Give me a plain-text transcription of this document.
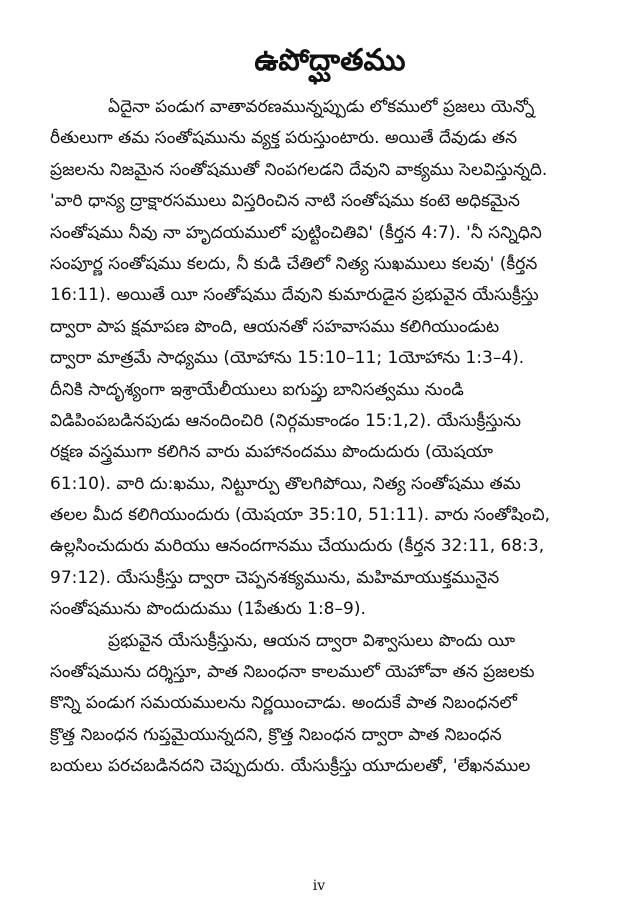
ఉపోద్ఘాతము
ఏదైనా పండుగ వాతావరణమున్నప్పుడు లోకములో ప్రజలు యెన్నో
రీతులుగా తమ సంతోషమును వ్యక్త పరుస్తుంటారు. అయితే దేవుడు తన
ప్రజలను నిజమైన సంతోషముతో నింపగలడని దేవుని వాక్యము సెలవిస్తున్నది.
'వారి ధాన్య ద్రాక్షారసములు విస్తరించిన నాటి సంతోషము కంటె అధికమైన
సంతోషము నీవు నా హృదయములో పుట్టించితివి' (కీర్తన 4:7). 'నీ సన్నిధిని
సంపూర్ణ సంతోషము కలదు, నీ కుడి చేతిలో నిత్య సుఖములు కలవు' (కీర్తన
16:11). అయితే యీ సంతోషము దేవుని కుమారుడైన ప్రభువైన యేసుక్రీస్తు
ద్వారా పాప క్షమాపణ పొంది, ఆయనతో సహవాసము కలిగియుండుట
ద్వారా మాత్రమే సాధ్యము (యోహాను 15:10–11; 1యోహాను 1:3–4).
దీనికి సాదృశ్యంగా ఇశ్రాయేలీయులు ఐగుప్తు బానిసత్వము నుండి
విడిపింపబడినపుడు ఆనందించిరి (నిర్గమకాండం 15:1,2). యేసుక్రీస్తును
రక్షణ వస్త్రముగా కలిగిన వారు మహానందము పొందుదురు (యెషయా
61:10). వారి దు:ఖము, నిట్టూర్పు తొలగిపోయి, నిత్య సంతోషము తమ
తలల మీద కలిగియుందురు (యెషయా 35:10, 51:11). వారు సంతోషించి,
ఉల్లసించుదురు మరియు ఆనందగానము చేయుదురు (కీర్తన 32:11, 68:3,
97:12). యేసుక్రీస్తు ద్వారా చెప్పనశక్యమును, మహిమాయుక్తమునైన
సంతోషమును పొందుదుము (1పేతురు 1:8–9).
ప్రభువైన యేసుక్రీస్తును, ఆయన ద్వారా విశ్వాసులు పొందు యీ
సంతోషమును దర్శిస్తూ, పాత నిబంధనా కాలములో యెహోవా తన ప్రజలకు
కొన్ని పండుగ సమయములను నిర్ణయించాడు. అందుకే పాత నిబంధనలో
క్రొత్త నిబంధన గుప్తమైయున్నదని, క్రొత్త నిబంధన ద్వారా పాత నిబంధన
బయలు పరచబడినదని చెప్పుదురు. యేసుక్రీస్తు యూదులతో, 'లేఖనముల
iv
